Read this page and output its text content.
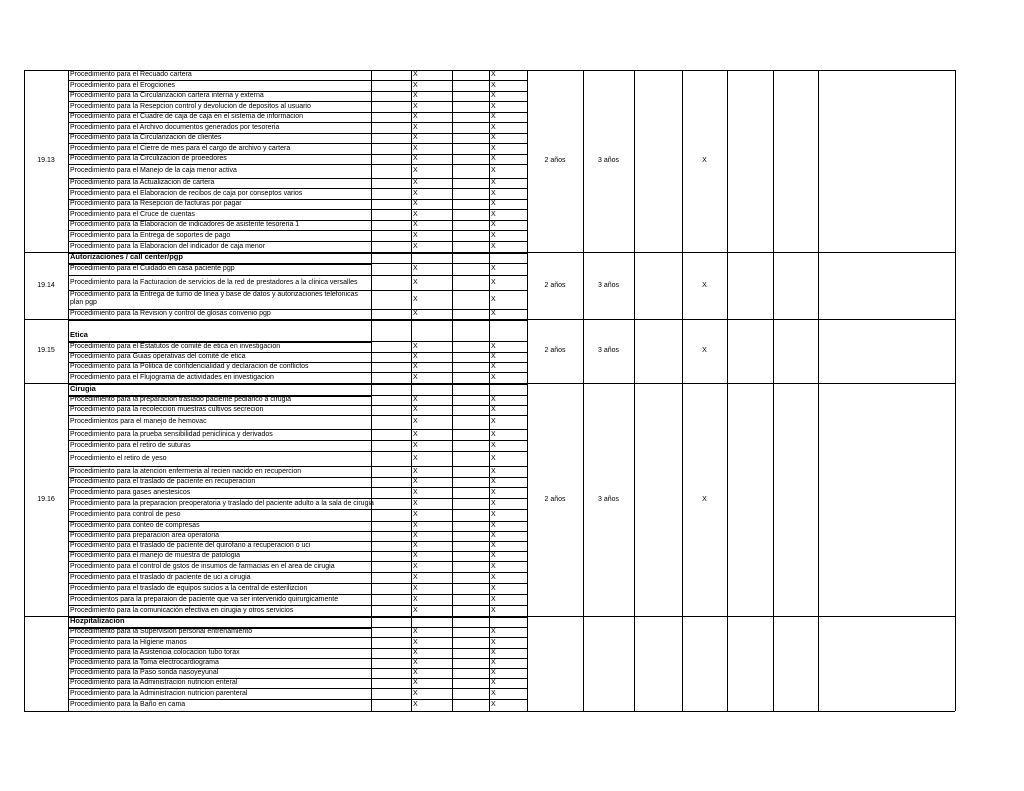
19.13	2 años	3 años	X
Procedimiento para el Recuado cartera	X	X
Procedimiento para el Erogciones	X	X
Procedimiento para la Circularizacion cartera interna y externa	X	X
Procedimiento para la Resepcion control y devolucion de depositos al usuario	X	X
Procedimiento para el Cuadre de caja de caja en el sistema de informacion	X	X
Procedimiento para el Archivo documentos generados por tesoreria	X	X
Procedimiento para la Circularizacion de clientes	X	X
Procedimiento para el Cierre de mes para el cargo de archivo y cartera	X	X
Procedimiento para la Circulizacion de proeedores	X	X
Procedimiento para el Manejo de la caja menor activa	X	X
Procedimiento para la Actualizacion de cartera	X	X
Procedimiento para el Elaboracion de recibos de caja por conseptos varios	X	X
Procedimiento para la Resepcion de facturas por pagar	X	X
Procedimiento para el Cruce de cuentas	X	X
Procedimiento para la Elaboracion de indicadores de asistente tesoreria 1	X	X
Procedimiento para la Entrega de soportes de pago	X	X
Procedimiento para la Elaboracion del indicador de caja menor	X	X
19.14	2 años	3 años	X
Autorizaciones / call center/pgp
Procedimiento para el Cuidado en casa paciente pgp	X	X
Procedimiento para la Facturacion de servicios de la red de prestadores a la clinica versalles	X	X
Procedimiento para la Entrega de turno de linea y base de datos y autorizaciones telefonicas plan pgp	X	X
Procedimiento para la Revision y control de glosas convenio pgp	X	X
19.15	2 años	3 años	X
Etica
Procedimiento para el Estatutos de comité de etica en investigacion	X	X
Procedimiento para Guias operativas del comité de etica	X	X
Procedimiento para la Politica de confidencialidad y declaracion de conflictos	X	X
Procedimiento para el Flujograma de actividades en investigacion	X	X
19.16	2 años	3 años	X
Cirugia
Procedimiento para la preparacion traslado paciente pediarico a cirugia	X	X
Procedimiento para la recoleccion muestras cultivos secrecion	X	X
Procedimientos para el manejo de hemovac	X	X
Procedimiento para la prueba sensibilidad peniclinica y derivados	X	X
Procedimiento para el retiro de suturas	X	X
Procedimiento el retiro de yeso	X	X
Procedimiento para la atencion enfermeria al recien nacido en recupercion	X	X
Procedimiento para el traslado de paciente en recuperacion	X	X
Procedimiento para gases anestesicos	X	X
Procedimiento para la preparacion preoperatoria y traslado del paciente adulto a la sala de cirugia	X	X
Procedimiento para control de peso	X	X
Procedimiento para conteo de compresas	X	X
Procedimiento para preparacion area operatoria	X	X
Procedimiento para el traslado de paciente del quirofano a recuperacion o uci	X	X
Procedimiento para el manejo de muestra de patologia	X	X
Procedimiento para el control de gstos de insumos de farmacias en el area de cirugia	X	X
Procedimiento para el traslado dr paciente de uci a cirugia	X	X
Procedimiento para el traslado de equipos sucios a la central de esterilizcion	X	X
Procedimientos para la preparaion de paciente que va ser intervenido quirurgicamente	X	X
Procedimiento para la comunicación efectiva en cirugia y otros servicios	X	X
Hozpitalizacion
Procedimiento para la Supervision personal entrenamiento	X	X
Procedimiento para la Higiene manos	X	X
Procedimiento para la Asistencia colocacion tubo torax	X	X
Procedimiento para la Toma electrocardiograma	X	X
Procedimiento para la Paso sonda nasoyeyunal	X	X
Procedimiento para la Administracion nutricion enteral	X	X
Procedimiento para la Administracion nutricion parenteral	X	X
Procedimiento para la Baño en cama	X	X
